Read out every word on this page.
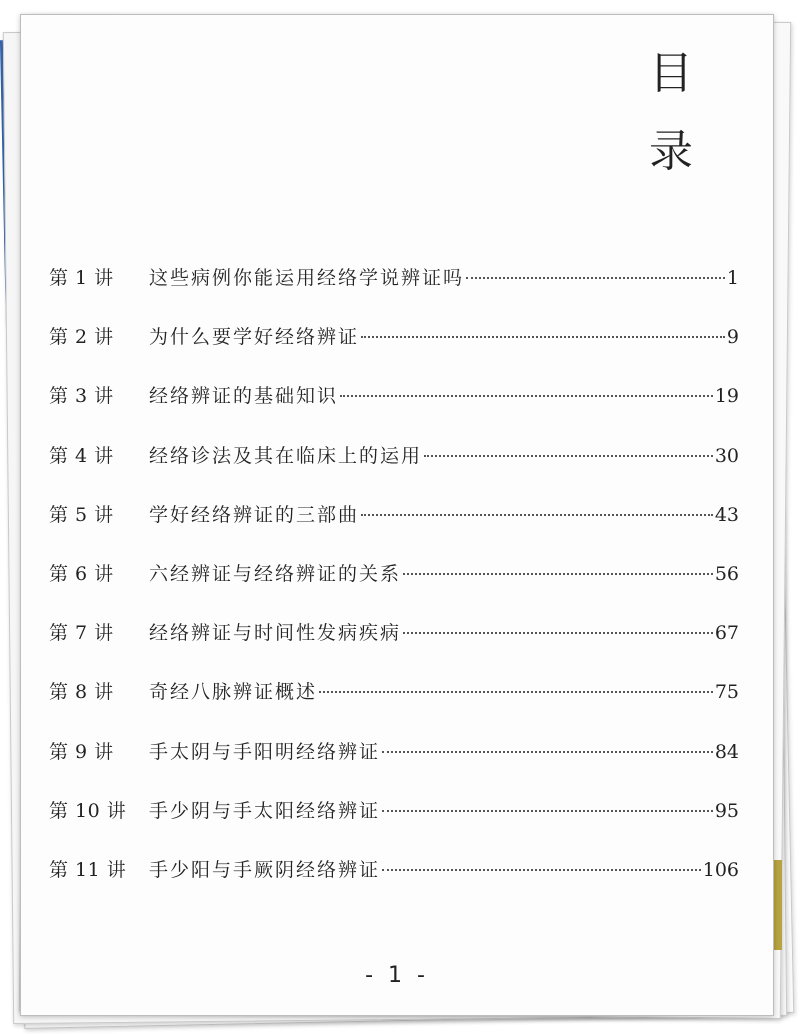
目
录
第 1 讲	这些病例你能运用经络学说辨证吗	1
第 2 讲	为什么要学好经络辨证	9
第 3 讲	经络辨证的基础知识	19
第 4 讲	经络诊法及其在临床上的运用	30
第 5 讲	学好经络辨证的三部曲	43
第 6 讲	六经辨证与经络辨证的关系	56
第 7 讲	经络辨证与时间性发病疾病	67
第 8 讲	奇经八脉辨证概述	75
第 9 讲	手太阴与手阳明经络辨证	84
第 10 讲	手少阴与手太阳经络辨证	95
第 11 讲	手少阳与手厥阴经络辨证	106
- 1 -
